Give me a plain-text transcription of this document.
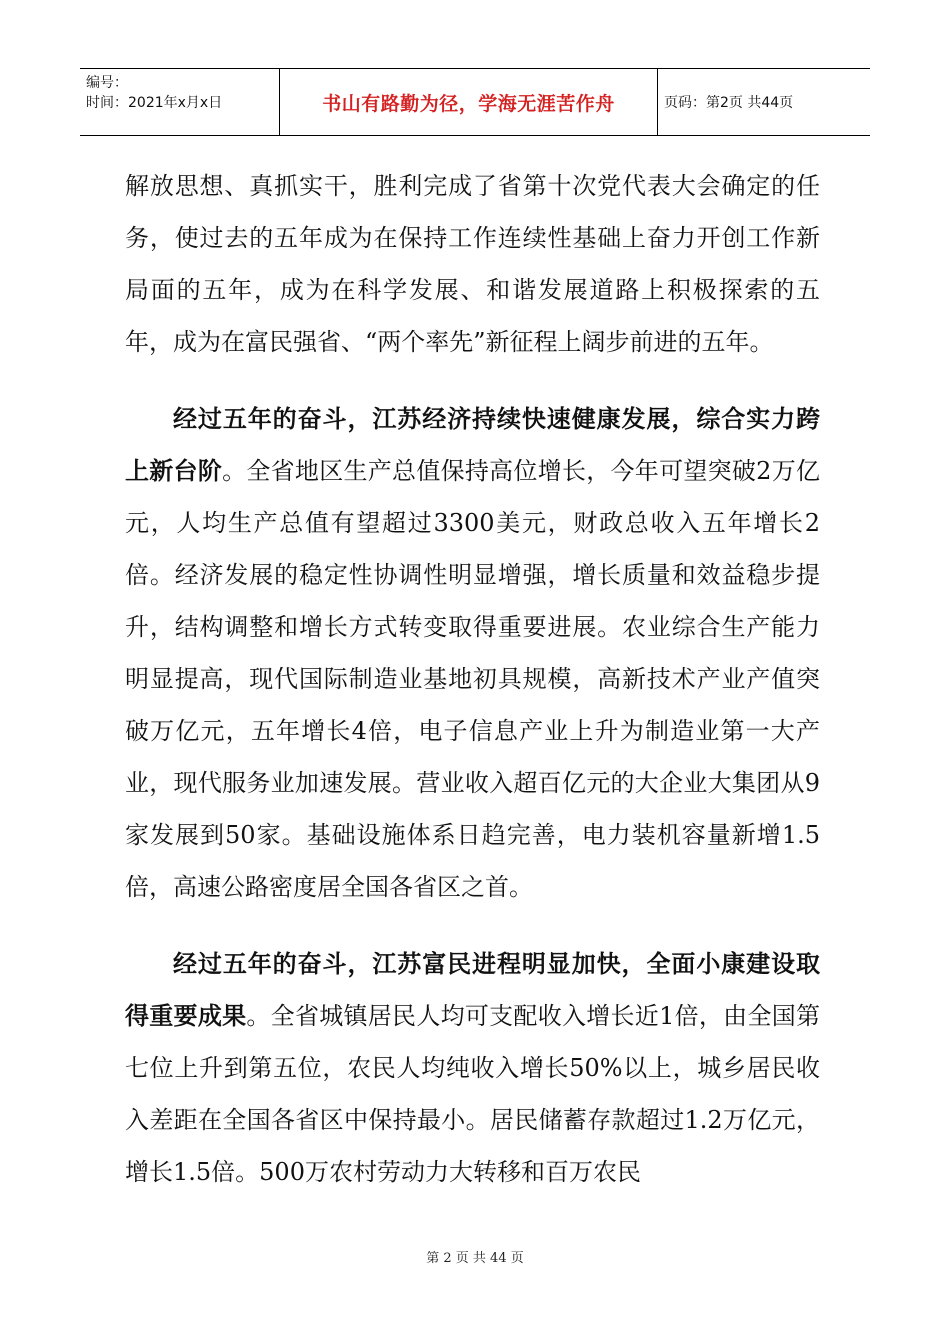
编号：
时间：2021年x月x日	书山有路勤为径，学海无涯苦作舟	页码：第2页 共44页

解放思想、真抓实干，胜利完成了省第十次党代表大会确定的任务，使过去的五年成为在保持工作连续性基础上奋力开创工作新局面的五年，成为在科学发展、和谐发展道路上积极探索的五年，成为在富民强省、“两个率先”新征程上阔步前进的五年。

经过五年的奋斗，江苏经济持续快速健康发展，综合实力跨上新台阶。全省地区生产总值保持高位增长，今年可望突破2万亿元，人均生产总值有望超过3300美元，财政总收入五年增长2倍。经济发展的稳定性协调性明显增强，增长质量和效益稳步提升，结构调整和增长方式转变取得重要进展。农业综合生产能力明显提高，现代国际制造业基地初具规模，高新技术产业产值突破万亿元，五年增长4倍，电子信息产业上升为制造业第一大产业，现代服务业加速发展。营业收入超百亿元的大企业大集团从9家发展到50家。基础设施体系日趋完善，电力装机容量新增1.5倍，高速公路密度居全国各省区之首。

经过五年的奋斗，江苏富民进程明显加快，全面小康建设取得重要成果。全省城镇居民人均可支配收入增长近1倍，由全国第七位上升到第五位，农民人均纯收入增长50%以上，城乡居民收入差距在全国各省区中保持最小。居民储蓄存款超过1.2万亿元，增长1.5倍。500万农村劳动力大转移和百万农民

第 2 页 共 44 页
